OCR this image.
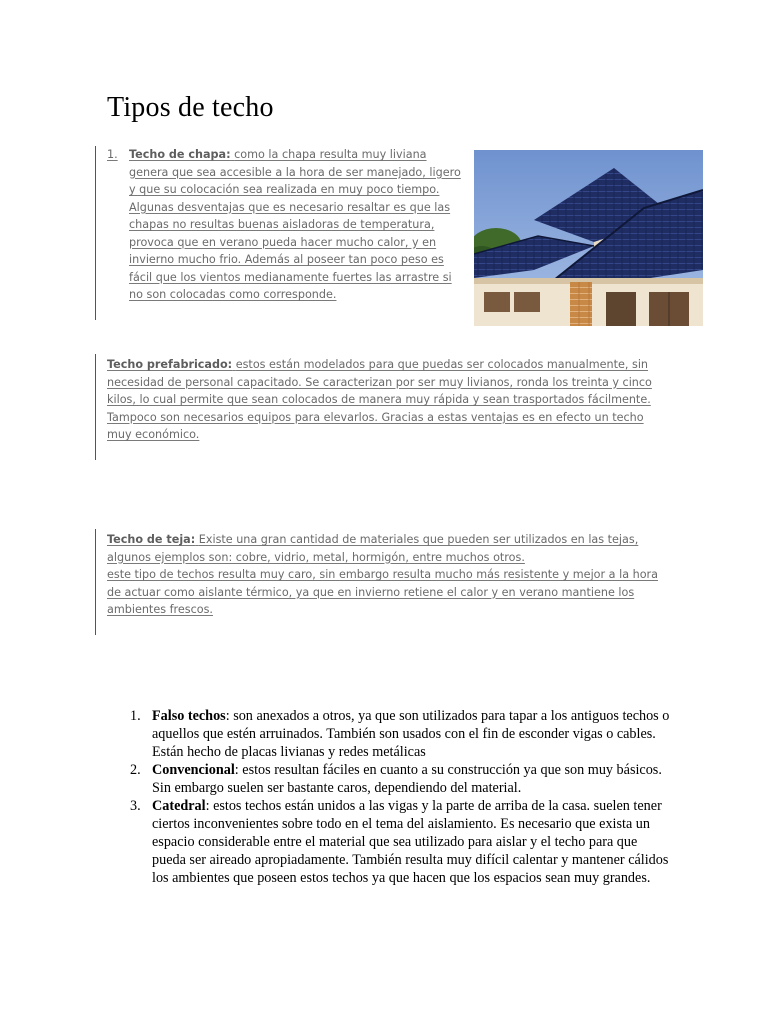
Tipos de techo
1.	Techo de chapa: como la chapa resulta muy liviana genera que sea accesible a la hora de ser manejado, ligero y que su colocación sea realizada en muy poco tiempo. Algunas desventajas que es necesario resaltar es que las chapas no resultas buenas aisladoras de temperatura, provoca que en verano pueda hacer mucho calor, y en invierno mucho frio. Además al poseer tan poco peso es fácil que los vientos medianamente fuertes las arrastre si no son colocadas como corresponde.
Techo prefabricado: estos están modelados para que puedas ser colocados manualmente, sin necesidad de personal capacitado. Se caracterizan por ser muy livianos, ronda los treinta y cinco kilos, lo cual permite que sean colocados de manera muy rápida y sean trasportados fácilmente. Tampoco son necesarios equipos para elevarlos. Gracias a estas ventajas es en efecto un techo muy económico.
Techo de teja: Existe una gran cantidad de materiales que pueden ser utilizados en las tejas, algunos ejemplos son: cobre, vidrio, metal, hormigón, entre muchos otros.
este tipo de techos resulta muy caro, sin embargo resulta mucho más resistente y mejor a la hora de actuar como aislante térmico, ya que en invierno retiene el calor y en verano mantiene los ambientes frescos.
1. Falso techos: son anexados a otros, ya que son utilizados para tapar a los antiguos techos o aquellos que estén arruinados. También son usados con el fin de esconder vigas o cables. Están hecho de placas livianas y redes metálicas
2. Convencional: estos resultan fáciles en cuanto a su construcción ya que son muy básicos. Sin embargo suelen ser bastante caros, dependiendo del material.
3. Catedral: estos techos están unidos a las vigas y la parte de arriba de la casa. suelen tener ciertos inconvenientes sobre todo en el tema del aislamiento. Es necesario que exista un espacio considerable entre el material que sea utilizado para aislar y el techo para que pueda ser aireado apropiadamente. También resulta muy difícil calentar y mantener cálidos los ambientes que poseen estos techos ya que hacen que los espacios sean muy grandes.
